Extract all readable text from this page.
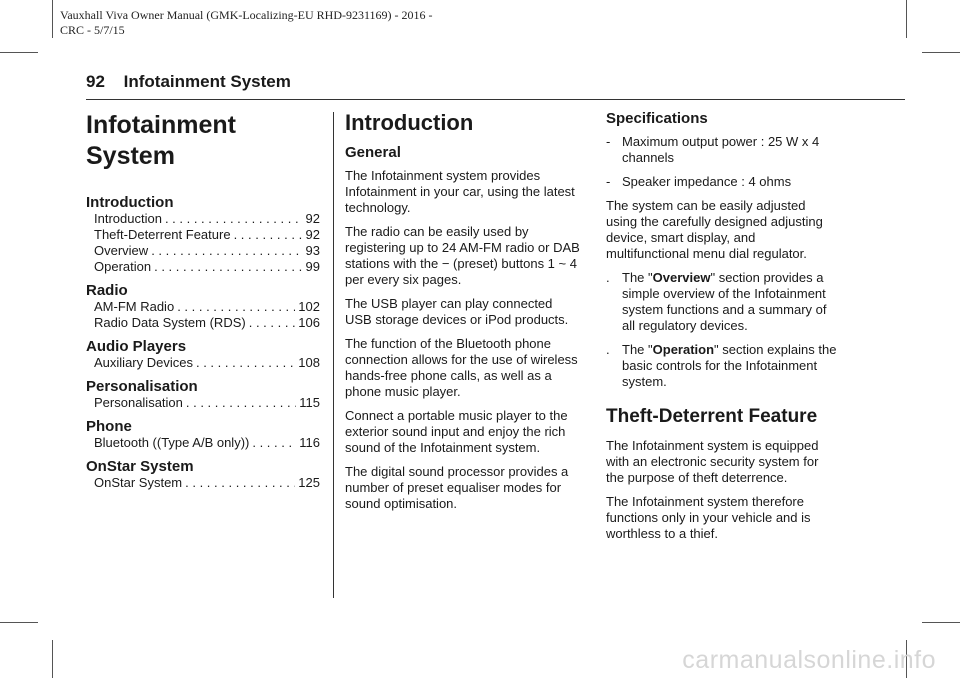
Vauxhall Viva Owner Manual (GMK-Localizing-EU RHD-9231169) - 2016 -
CRC - 5/7/15
92 Infotainment System
Infotainment
System
Introduction
Introduction . . .	92
Theft-Deterrent Feature . . .	92
Overview . . .	93
Operation . . .	99
Radio
AM-FM Radio . . .	102
Radio Data System (RDS) . . .	106
Audio Players
Auxiliary Devices . . .	108
Personalisation
Personalisation . . .	115
Phone
Bluetooth ((Type A/B only)) . . .	116
OnStar System
OnStar System . . .	125
Introduction
General

The Infotainment system provides Infotainment in your car, using the latest technology.

The radio can be easily used by registering up to 24 AM-FM radio or DAB stations with the − (preset) buttons 1 ~ 4 per every six pages.

The USB player can play connected USB storage devices or iPod products.

The function of the Bluetooth phone connection allows for the use of wireless hands-free phone calls, as well as a phone music player.

Connect a portable music player to the exterior sound input and enjoy the rich sound of the Infotainment system.

The digital sound processor provides a number of preset equaliser modes for sound optimisation.

Specifications
- Maximum output power : 25 W x 4 channels
- Speaker impedance : 4 ohms

The system can be easily adjusted using the carefully designed adjusting device, smart display, and multifunctional menu dial regulator.

. The "Overview" section provides a simple overview of the Infotainment system functions and a summary of all regulatory devices.
. The "Operation" section explains the basic controls for the Infotainment system.
Theft-Deterrent Feature

The Infotainment system is equipped with an electronic security system for the purpose of theft deterrence.

The Infotainment system therefore functions only in your vehicle and is worthless to a thief.

carmanualsonline.info
